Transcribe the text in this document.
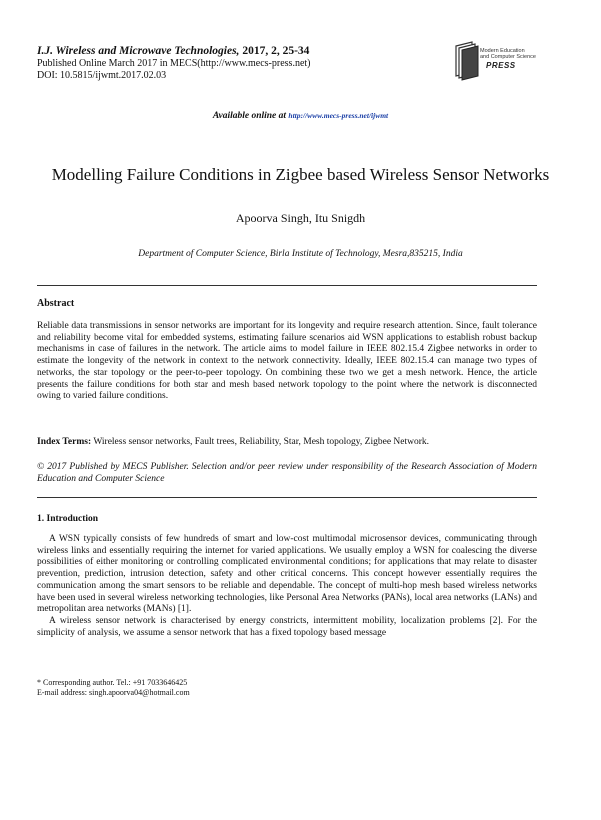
I.J. Wireless and Microwave Technologies, 2017, 2, 25-34
Published Online March 2017 in MECS(http://www.mecs-press.net)
DOI: 10.5815/ijwmt.2017.02.03
Modern Education
and Computer Science
PRESS
Available online at http://www.mecs-press.net/ijwmt
Modelling Failure Conditions in Zigbee based Wireless Sensor Networks
Apoorva Singh, Itu Snigdh
Department of Computer Science, Birla Institute of Technology, Mesra,835215, India
Abstract
Reliable data transmissions in sensor networks are important for its longevity and require research attention. Since, fault tolerance and reliability become vital for embedded systems, estimating failure scenarios aid WSN applications to establish robust backup mechanisms in case of failures in the network. The article aims to model failure in IEEE 802.15.4 Zigbee networks in order to estimate the longevity of the network in context to the network connectivity. Ideally, IEEE 802.15.4 can manage two types of networks, the star topology or the peer-to-peer topology. On combining these two we get a mesh network. Hence, the article presents the failure conditions for both star and mesh based network topology to the point where the network is disconnected owing to varied failure conditions.
Index Terms: Wireless sensor networks, Fault trees, Reliability, Star, Mesh topology, Zigbee Network.
© 2017 Published by MECS Publisher. Selection and/or peer review under responsibility of the Research Association of Modern Education and Computer Science
1. Introduction

A WSN typically consists of few hundreds of smart and low-cost multimodal microsensor devices, communicating through wireless links and essentially requiring the internet for varied applications. We usually employ a WSN for coalescing the diverse possibilities of either monitoring or controlling complicated environmental conditions; for applications that may relate to disaster prevention, prediction, intrusion detection, safety and other critical concerns. This concept however essentially requires the communication among the smart sensors to be reliable and dependable. The concept of multi-hop mesh based wireless networks have been used in several wireless networking technologies, like Personal Area Networks (PANs), local area networks (LANs) and metropolitan area networks (MANs) [1].

A wireless sensor network is characterised by energy constricts, intermittent mobility, localization problems [2]. For the simplicity of analysis, we assume a sensor network that has a fixed topology based message

* Corresponding author. Tel.: +91 7033646425
E-mail address: singh.apoorva04@hotmail.com
